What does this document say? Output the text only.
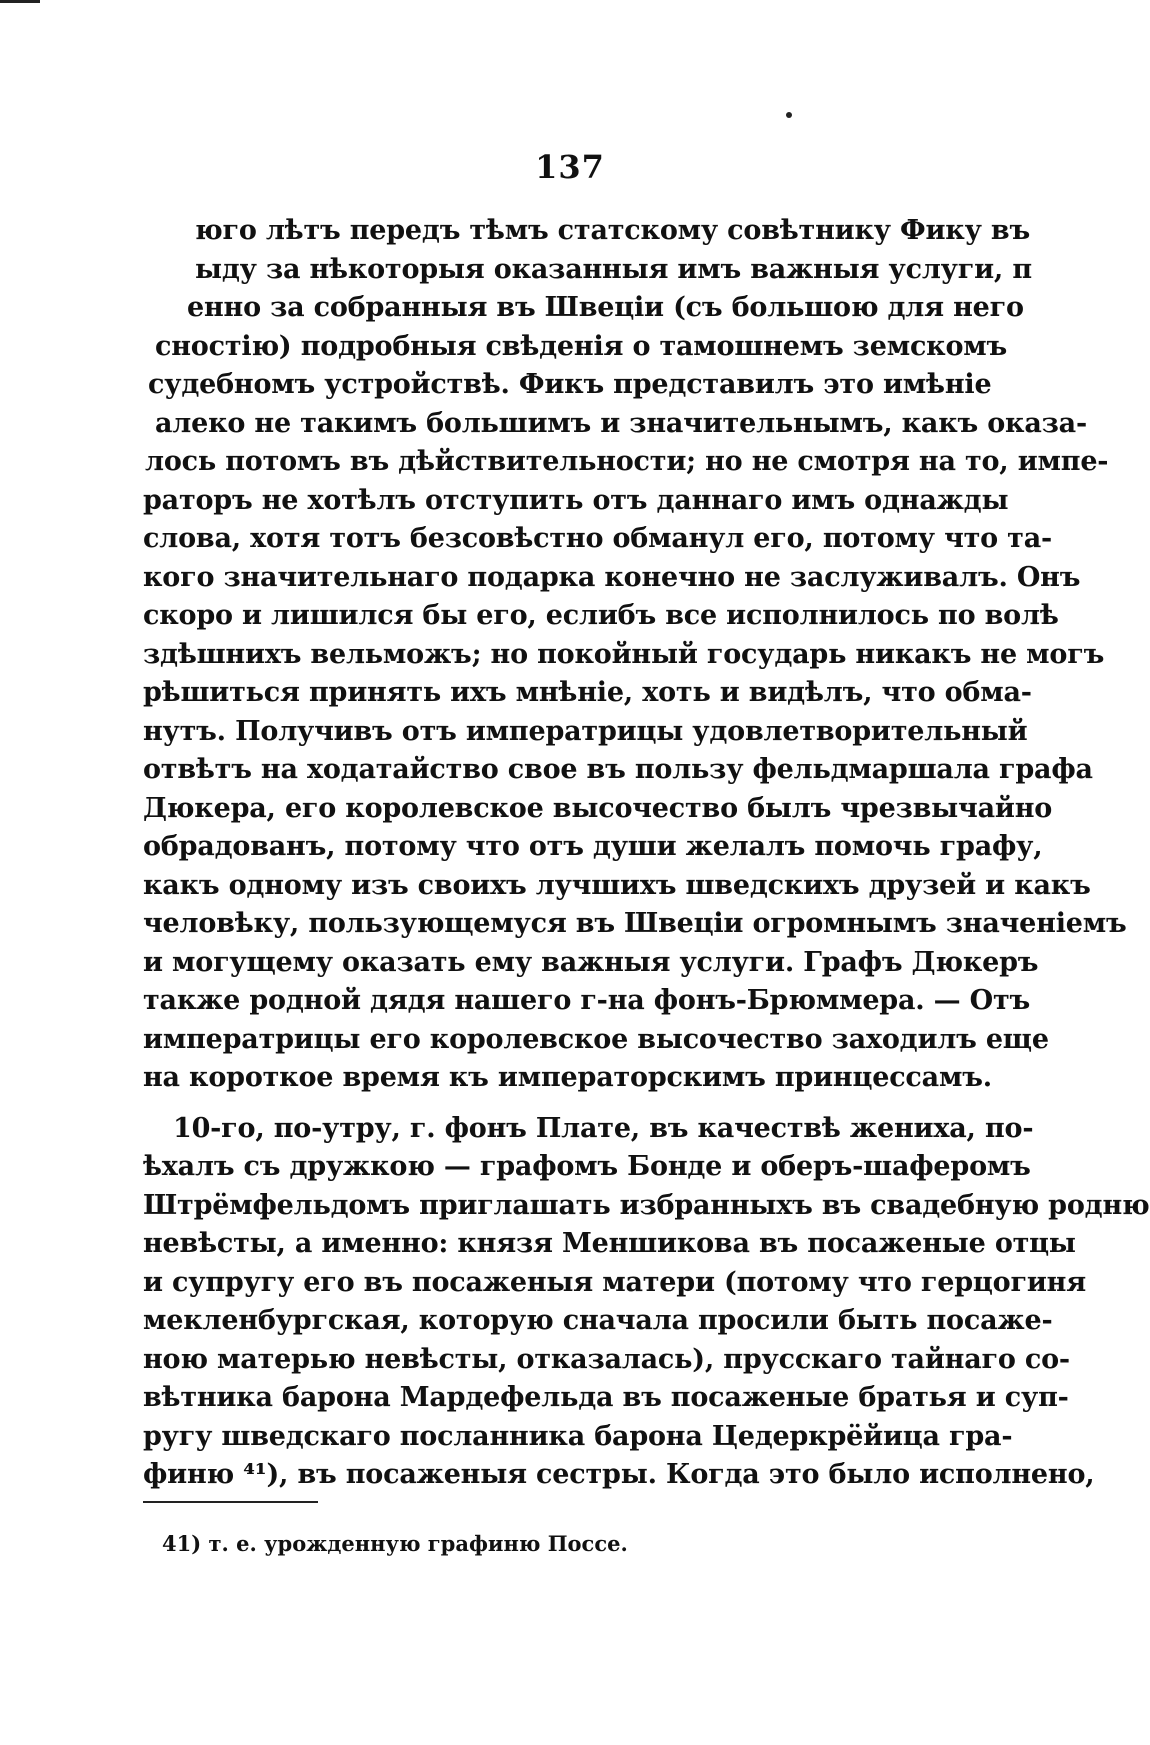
137
юго лѣтъ передъ тѣмъ статскому совѣтнику Фику въ
ыду за нѣкоторыя оказанныя имъ важныя услуги, п
енно за собранныя въ Швеціи (съ большою для него
сностію) подробныя свѣденія о тамошнемъ земскомъ
судебномъ устройствѣ. Фикъ представилъ это имѣніе
алеко не такимъ большимъ и значительнымъ, какъ оказа-
лось потомъ въ дѣйствительности; но не смотря на то, импе-
раторъ не хотѣлъ отступить отъ даннаго имъ однажды
слова, хотя тотъ безсовѣстно обманул его, потому что та-
кого значительнаго подарка конечно не заслуживалъ. Онъ
скоро и лишился бы его, еслибъ все исполнилось по волѣ
здѣшнихъ вельможъ; но покойный государь никакъ не могъ
рѣшиться принять ихъ мнѣніе, хоть и видѣлъ, что обма-
нутъ. Получивъ отъ императрицы удовлетворительный
отвѣтъ на ходатайство свое въ пользу фельдмаршала графа
Дюкера, его королевское высочество былъ чрезвычайно
обрадованъ, потому что отъ души желалъ помочь графу,
какъ одному изъ своихъ лучшихъ шведскихъ друзей и какъ
человѣку, пользующемуся въ Швеціи огромнымъ значеніемъ
и могущему оказать ему важныя услуги. Графъ Дюкеръ
также родной дядя нашего г-на фонъ-Брюммера. — Отъ
императрицы его королевское высочество заходилъ еще
на короткое время къ императорскимъ принцессамъ.
10-го, по-утру, г. фонъ Плате, въ качествѣ жениха, по-
ѣхалъ съ дружкою — графомъ Бонде и оберъ-шаферомъ
Штрёмфельдомъ приглашать избранныхъ въ свадебную родню
невѣсты, а именно: князя Меншикова въ посаженые отцы
и супругу его въ посаженыя матери (потому что герцогиня
мекленбургская, которую сначала просили быть посаже-
ною матерью невѣсты, отказалась), прусскаго тайнаго со-
вѣтника барона Мардефельда въ посаженые братья и суп-
ругу шведскаго посланника барона Цедеркрёйица гра-
финю ⁴¹), въ посаженыя сестры. Когда это было исполнено,
41) т. е. урожденную графиню Поссе.
